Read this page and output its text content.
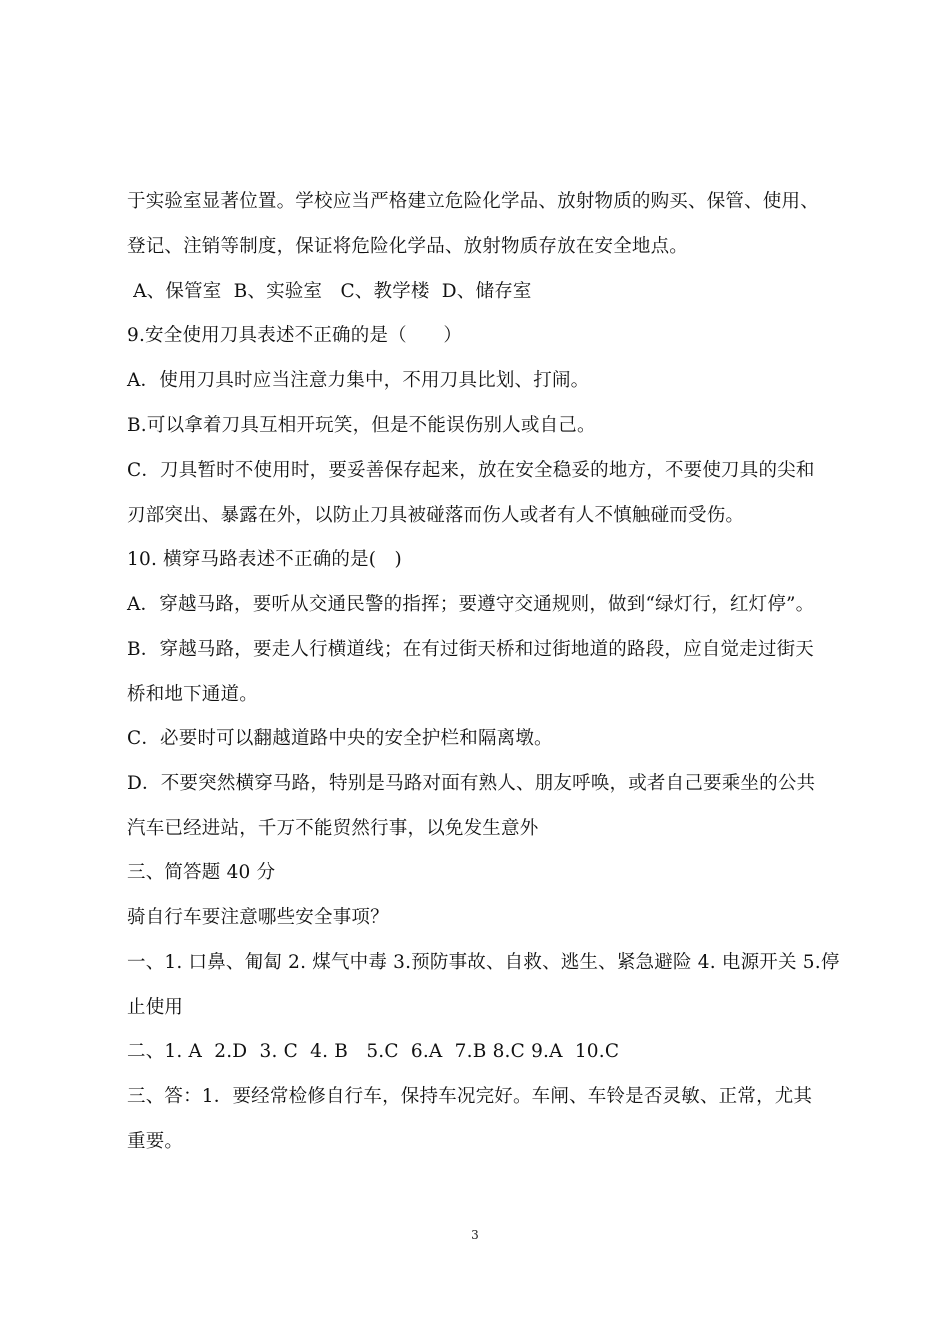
于实验室显著位置。学校应当严格建立危险化学品、放射物质的购买、保管、使用、
登记、注销等制度，保证将危险化学品、放射物质存放在安全地点。
A、保管室  B、实验室   C、教学楼  D、储存室
9.安全使用刀具表述不正确的是（      ）
A．使用刀具时应当注意力集中，不用刀具比划、打闹。
B.可以拿着刀具互相开玩笑，但是不能误伤别人或自己。
C．刀具暂时不使用时，要妥善保存起来，放在安全稳妥的地方，不要使刀具的尖和
刃部突出、暴露在外，以防止刀具被碰落而伤人或者有人不慎触碰而受伤。
10. 横穿马路表述不正确的是(   )
A．穿越马路，要听从交通民警的指挥；要遵守交通规则，做到“绿灯行，红灯停”。
B．穿越马路，要走人行横道线；在有过街天桥和过街地道的路段，应自觉走过街天
桥和地下通道。
C．必要时可以翻越道路中央的安全护栏和隔离墩。
D．不要突然横穿马路，特别是马路对面有熟人、朋友呼唤，或者自己要乘坐的公共
汽车已经进站，千万不能贸然行事，以免发生意外
三、简答题 40 分
骑自行车要注意哪些安全事项？
一、1. 口鼻、匍匐 2. 煤气中毒 3.预防事故、自救、逃生、紧急避险 4. 电源开关 5.停
止使用
二、1. A  2.D  3. C  4. B   5.C  6.A  7.B 8.C 9.A  10.C
三、答：1．要经常检修自行车，保持车况完好。车闸、车铃是否灵敏、正常，尤其
重要。
3
